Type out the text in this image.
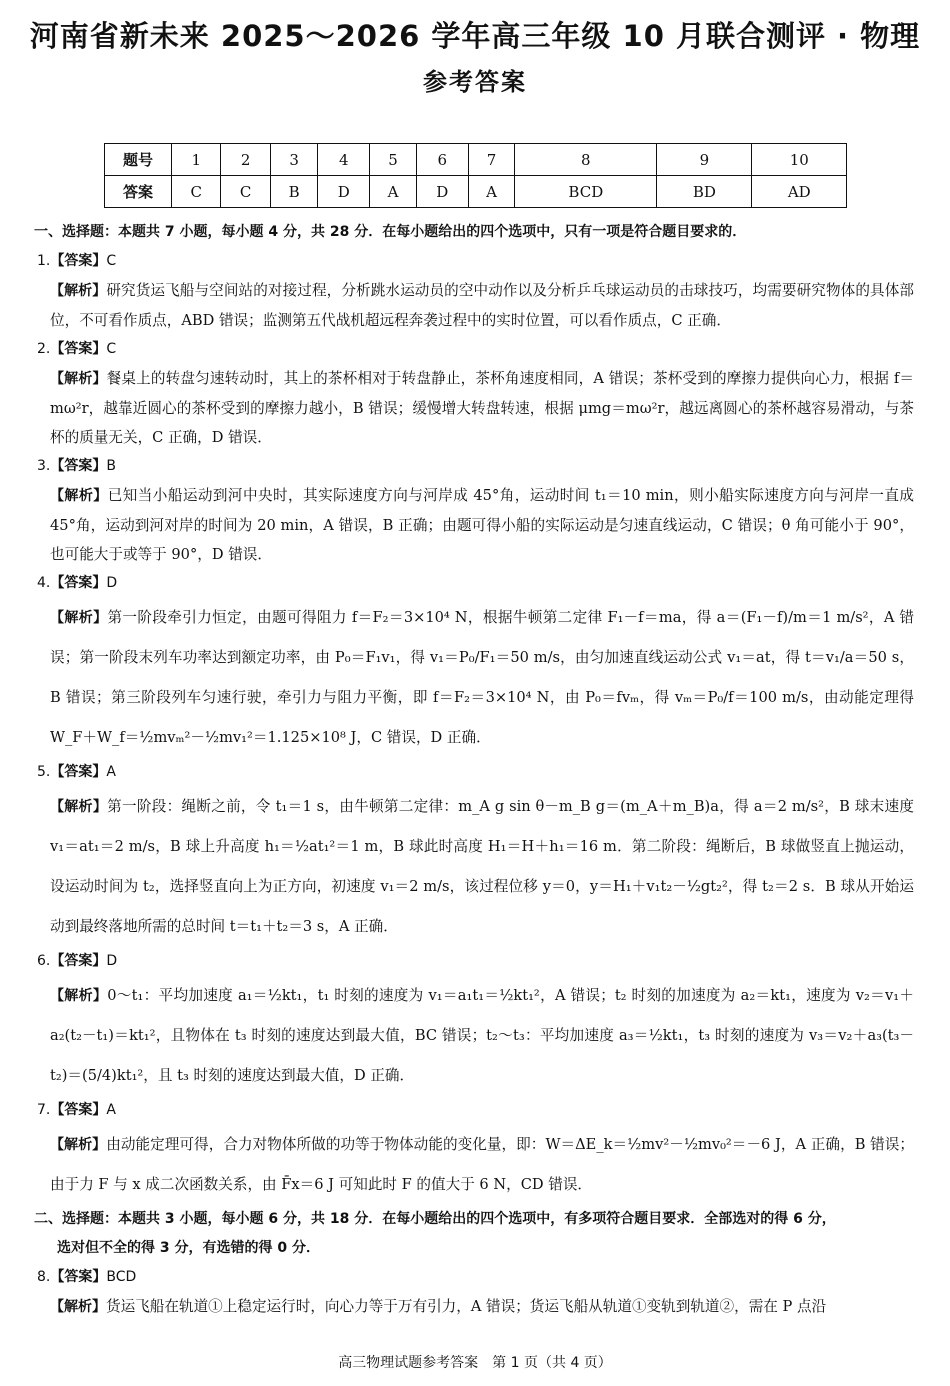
河南省新未来 2025～2026 学年高三年级 10 月联合测评 · 物理
参考答案
题号	1	2	3	4	5	6	7	8	9	10
答案	C	C	B	D	A	D	A	BCD	BD	AD
一、选择题：本题共 7 小题，每小题 4 分，共 28 分．在每小题给出的四个选项中，只有一项是符合题目要求的．
1.【答案】C
【解析】研究货运飞船与空间站的对接过程，分析跳水运动员的空中动作以及分析乒乓球运动员的击球技巧，均需要研究物体的具体部位，不可看作质点，ABD 错误；监测第五代战机超远程奔袭过程中的实时位置，可以看作质点，C 正确．
2.【答案】C
【解析】餐桌上的转盘匀速转动时，其上的茶杯相对于转盘静止，茶杯角速度相同，A 错误；茶杯受到的摩擦力提供向心力，根据 f＝mω²r，越靠近圆心的茶杯受到的摩擦力越小，B 错误；缓慢增大转盘转速，根据 μmg＝mω²r，越远离圆心的茶杯越容易滑动，与茶杯的质量无关，C 正确，D 错误．
3.【答案】B
【解析】已知当小船运动到河中央时，其实际速度方向与河岸成 45°角，运动时间 t₁＝10 min，则小船实际速度方向与河岸一直成 45°角，运动到河对岸的时间为 20 min，A 错误，B 正确；由题可得小船的实际运动是匀速直线运动，C 错误；θ 角可能小于 90°，也可能大于或等于 90°，D 错误．
4.【答案】D
【解析】第一阶段牵引力恒定，由题可得阻力 f＝F₂＝3×10⁴ N，根据牛顿第二定律 F₁－f＝ma，得 a＝(F₁－f)/m＝1 m/s²，A 错误；第一阶段末列车功率达到额定功率，由 P₀＝F₁v₁，得 v₁＝P₀/F₁＝50 m/s，由匀加速直线运动公式 v₁＝at，得 t＝v₁/a＝50 s，B 错误；第三阶段列车匀速行驶，牵引力与阻力平衡，即 f＝F₂＝3×10⁴ N，由 P₀＝fvₘ，得 vₘ＝P₀/f＝100 m/s，由动能定理得 W_F＋W_f＝½mvₘ²－½mv₁²＝1.125×10⁸ J，C 错误，D 正确．
5.【答案】A
【解析】第一阶段：绳断之前，令 t₁＝1 s，由牛顿第二定律：m_A g sin θ－m_B g＝(m_A＋m_B)a，得 a＝2 m/s²，B 球末速度 v₁＝at₁＝2 m/s，B 球上升高度 h₁＝½at₁²＝1 m，B 球此时高度 H₁＝H＋h₁＝16 m．第二阶段：绳断后，B 球做竖直上抛运动，设运动时间为 t₂，选择竖直向上为正方向，初速度 v₁＝2 m/s，该过程位移 y＝0，y＝H₁＋v₁t₂－½gt₂²，得 t₂＝2 s．B 球从开始运动到最终落地所需的总时间 t＝t₁＋t₂＝3 s，A 正确．
6.【答案】D
【解析】0～t₁：平均加速度 a₁＝½kt₁，t₁ 时刻的速度为 v₁＝a₁t₁＝½kt₁²，A 错误；t₂ 时刻的加速度为 a₂＝kt₁，速度为 v₂＝v₁＋a₂(t₂－t₁)＝kt₁²，且物体在 t₃ 时刻的速度达到最大值，BC 错误；t₂～t₃：平均加速度 a₃＝½kt₁，t₃ 时刻的速度为 v₃＝v₂＋a₃(t₃－t₂)＝(5/4)kt₁²，且 t₃ 时刻的速度达到最大值，D 正确．
7.【答案】A
【解析】由动能定理可得，合力对物体所做的功等于物体动能的变化量，即：W＝ΔE_k＝½mv²－½mv₀²＝－6 J，A 正确，B 错误；由于力 F 与 x 成二次函数关系，由 F̄x＝6 J 可知此时 F 的值大于 6 N，CD 错误．
二、选择题：本题共 3 小题，每小题 6 分，共 18 分．在每小题给出的四个选项中，有多项符合题目要求．全部选对的得 6 分，
选对但不全的得 3 分，有选错的得 0 分．
8.【答案】BCD
【解析】货运飞船在轨道①上稳定运行时，向心力等于万有引力，A 错误；货运飞船从轨道①变轨到轨道②，需在 P 点沿
高三物理试题参考答案　第 1 页（共 4 页）
